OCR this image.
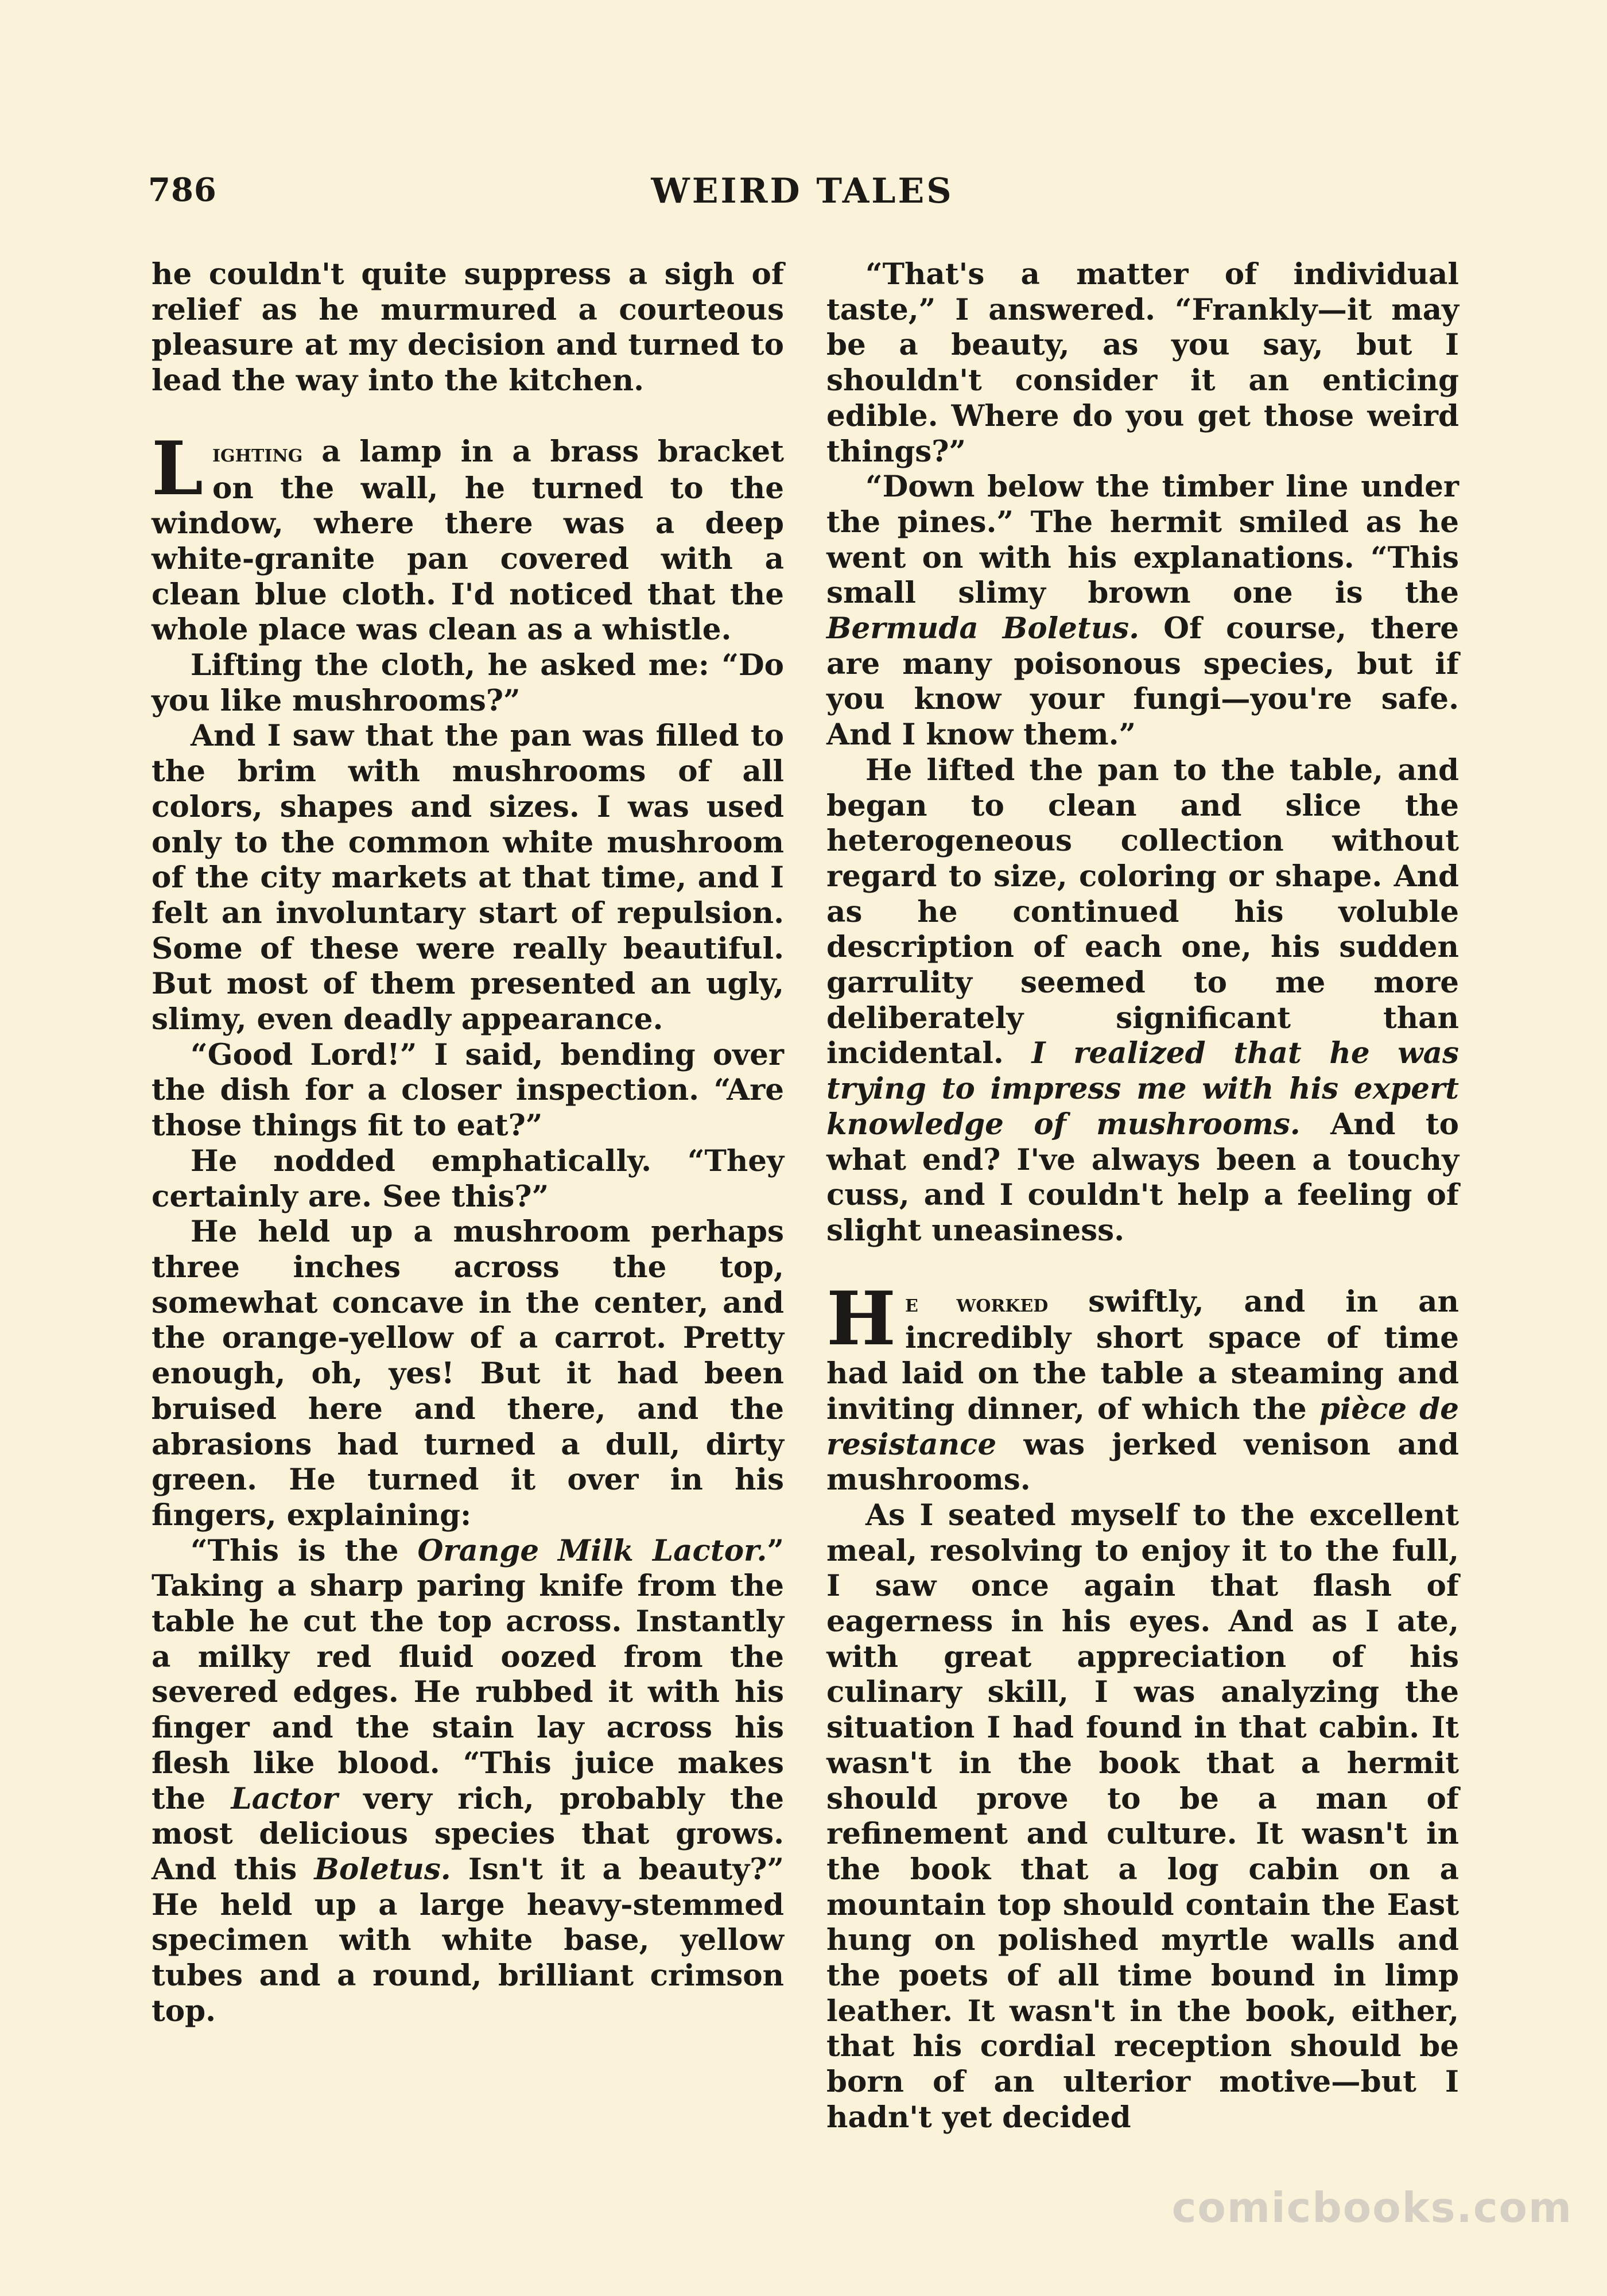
786	WEIRD TALES

he couldn't quite suppress a sigh of relief as he murmured a courteous pleasure at my decision and turned to lead the way into the kitchen.

Lighting a lamp in a brass bracket on the wall, he turned to the window, where there was a deep white-granite pan covered with a clean blue cloth. I'd noticed that the whole place was clean as a whistle.

Lifting the cloth, he asked me: “Do you like mushrooms?”

And I saw that the pan was filled to the brim with mushrooms of all colors, shapes and sizes. I was used only to the common white mushroom of the city markets at that time, and I felt an involuntary start of repulsion. Some of these were really beautiful. But most of them presented an ugly, slimy, even deadly appearance.

“Good Lord!” I said, bending over the dish for a closer inspection. “Are those things fit to eat?”

He nodded emphatically. “They certainly are. See this?”

He held up a mushroom perhaps three inches across the top, somewhat concave in the center, and the orange-yellow of a carrot. Pretty enough, oh, yes! But it had been bruised here and there, and the abrasions had turned a dull, dirty green. He turned it over in his fingers, explaining:

“This is the Orange Milk Lactor.” Taking a sharp paring knife from the table he cut the top across. Instantly a milky red fluid oozed from the severed edges. He rubbed it with his finger and the stain lay across his flesh like blood. “This juice makes the Lactor very rich, probably the most delicious species that grows. And this Boletus. Isn't it a beauty?” He held up a large heavy-stemmed specimen with white base, yellow tubes and a round, brilliant crimson top.

“That's a matter of individual taste,” I answered. “Frankly—it may be a beauty, as you say, but I shouldn't consider it an enticing edible. Where do you get those weird things?”

“Down below the timber line under the pines.” The hermit smiled as he went on with his explanations. “This small slimy brown one is the Bermuda Boletus. Of course, there are many poisonous species, but if you know your fungi—you're safe. And I know them.”

He lifted the pan to the table, and began to clean and slice the heterogeneous collection without regard to size, coloring or shape. And as he continued his voluble description of each one, his sudden garrulity seemed to me more deliberately significant than incidental. I realized that he was trying to impress me with his expert knowledge of mushrooms. And to what end? I've always been a touchy cuss, and I couldn't help a feeling of slight uneasiness.

He worked swiftly, and in an incredibly short space of time had laid on the table a steaming and inviting dinner, of which the pièce de resistance was jerked venison and mushrooms.

As I seated myself to the excellent meal, resolving to enjoy it to the full, I saw once again that flash of eagerness in his eyes. And as I ate, with great appreciation of his culinary skill, I was analyzing the situation I had found in that cabin. It wasn't in the book that a hermit should prove to be a man of refinement and culture. It wasn't in the book that a log cabin on a mountain top should contain the East hung on polished myrtle walls and the poets of all time bound in limp leather. It wasn't in the book, either, that his cordial reception should be born of an ulterior motive—but I hadn't yet decided

comicbooks.com
